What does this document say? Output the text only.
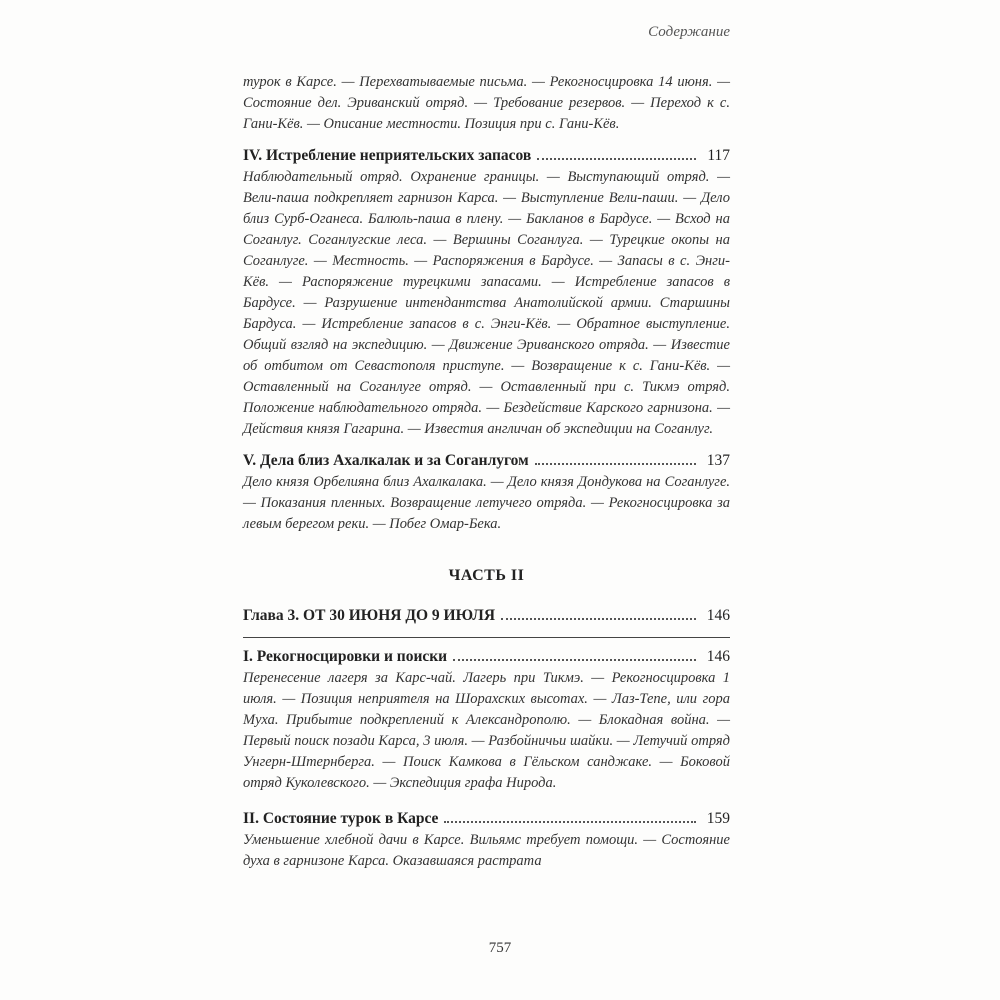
Содержание
турок в Карсе. — Перехватываемые письма. — Рекогносцировка 14 июня. — Состояние дел. Эриванский отряд. — Требование резервов. — Переход к с. Гани-Кёв. — Описание местности. Позиция при с. Гани-Кёв.
IV. Истребление неприятельских запасов	117
Наблюдательный отряд. Охранение границы. — Выступающий отряд. — Вели-паша подкрепляет гарнизон Карса. — Выступление Вели-паши. — Дело близ Сурб-Оганеса. Балюль-паша в плену. — Бакланов в Бардусе. — Всход на Соганлуг. Соганлугские леса. — Вершины Соганлуга. — Турецкие окопы на Соганлуге. — Местность. — Распоряжения в Бардусе. — Запасы в с. Энги-Кёв. — Распоряжение турецкими запасами. — Истребление запасов в Бардусе. — Разрушение интендантства Анатолийской армии. Старшины Бардуса. — Истребление запасов в с. Энги-Кёв. — Обратное выступление. Общий взгляд на экспедицию. — Движение Эриванского отряда. — Известие об отбитом от Севастополя приступе. — Возвращение к с. Гани-Кёв. — Оставленный на Соганлуге отряд. — Оставленный при с. Тикмэ отряд. Положение наблюдательного отряда. — Бездействие Карского гарнизона. — Действия князя Гагарина. — Известия англичан об экспедиции на Соганлуг.
V. Дела близ Ахалкалак и за Соганлугом	137
Дело князя Орбелияна близ Ахалкалака. — Дело князя Дондукова на Соганлуге. — Показания пленных. Возвращение летучего отряда. — Рекогносцировка за левым берегом реки. — Побег Омар-Бека.
ЧАСТЬ II
Глава 3. ОТ 30 ИЮНЯ ДО 9 ИЮЛЯ	146
I. Рекогносцировки и поиски	146
Перенесение лагеря за Карс-чай. Лагерь при Тикмэ. — Рекогносцировка 1 июля. — Позиция неприятеля на Шорахских высотах. — Лаз-Тепе, или гора Муха. Прибытие подкреплений к Александрополю. — Блокадная война. — Первый поиск позади Карса, 3 июля. — Разбойничьи шайки. — Летучий отряд Унгерн-Штернберга. — Поиск Камкова в Гёльском санджаке. — Боковой отряд Куколевского. — Экспедиция графа Нирода.
II. Состояние турок в Карсе	159
Уменьшение хлебной дачи в Карсе. Вильямс требует помощи. — Состояние духа в гарнизоне Карса. Оказавшаяся растрата
757
